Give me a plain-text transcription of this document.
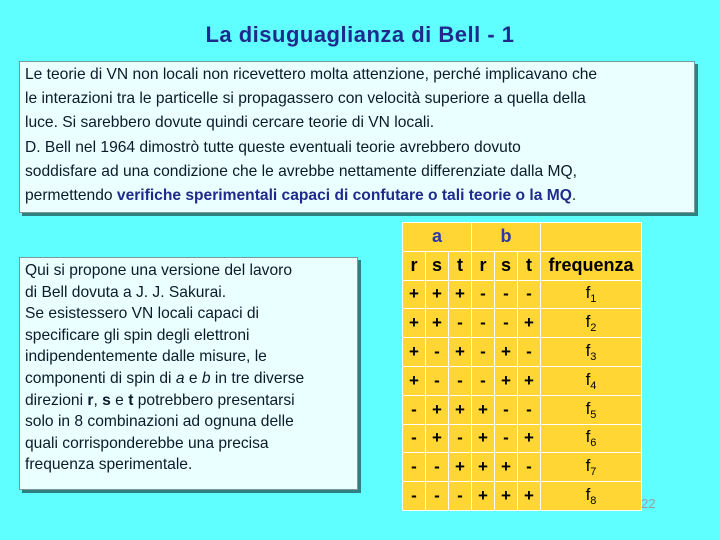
La disuguaglianza di Bell - 1
Le teorie di VN non locali non ricevettero molta attenzione, perché implicavano che
le interazioni tra le particelle si propagassero con velocità superiore a quella della
luce. Si sarebbero dovute quindi cercare teorie di VN locali.
D. Bell nel 1964 dimostrò tutte queste eventuali teorie avrebbero dovuto
soddisfare ad una condizione che le avrebbe nettamente differenziate dalla MQ,
permettendo verifiche sperimentali capaci di confutare o tali teorie o la MQ.
Qui si propone una versione del lavoro
di Bell dovuta a J. J. Sakurai.
Se esistessero VN locali capaci di
specificare gli spin degli elettroni
indipendentemente dalle misure, le
componenti di spin di a e b in tre diverse
direzioni r, s e t potrebbero presentarsi
solo in 8 combinazioni ad ognuna delle
quali corrisponderebbe una precisa
frequenza sperimentale.
a			b			
r	s	t	r	s	t	frequenza
+	+	+	-	-	-	$f_1$
+	+	-	-	-	+	$f_2$
+	-	+	-	+	-	$f_3$
+	-	-	-	+	+	$f_4$
-	+	+	+	-	-	$f_5$
-	+	-	+	-	+	$f_6$
-	-	+	+	+	-	$f_7$
-	-	-	+	+	+	$f_8$	22
